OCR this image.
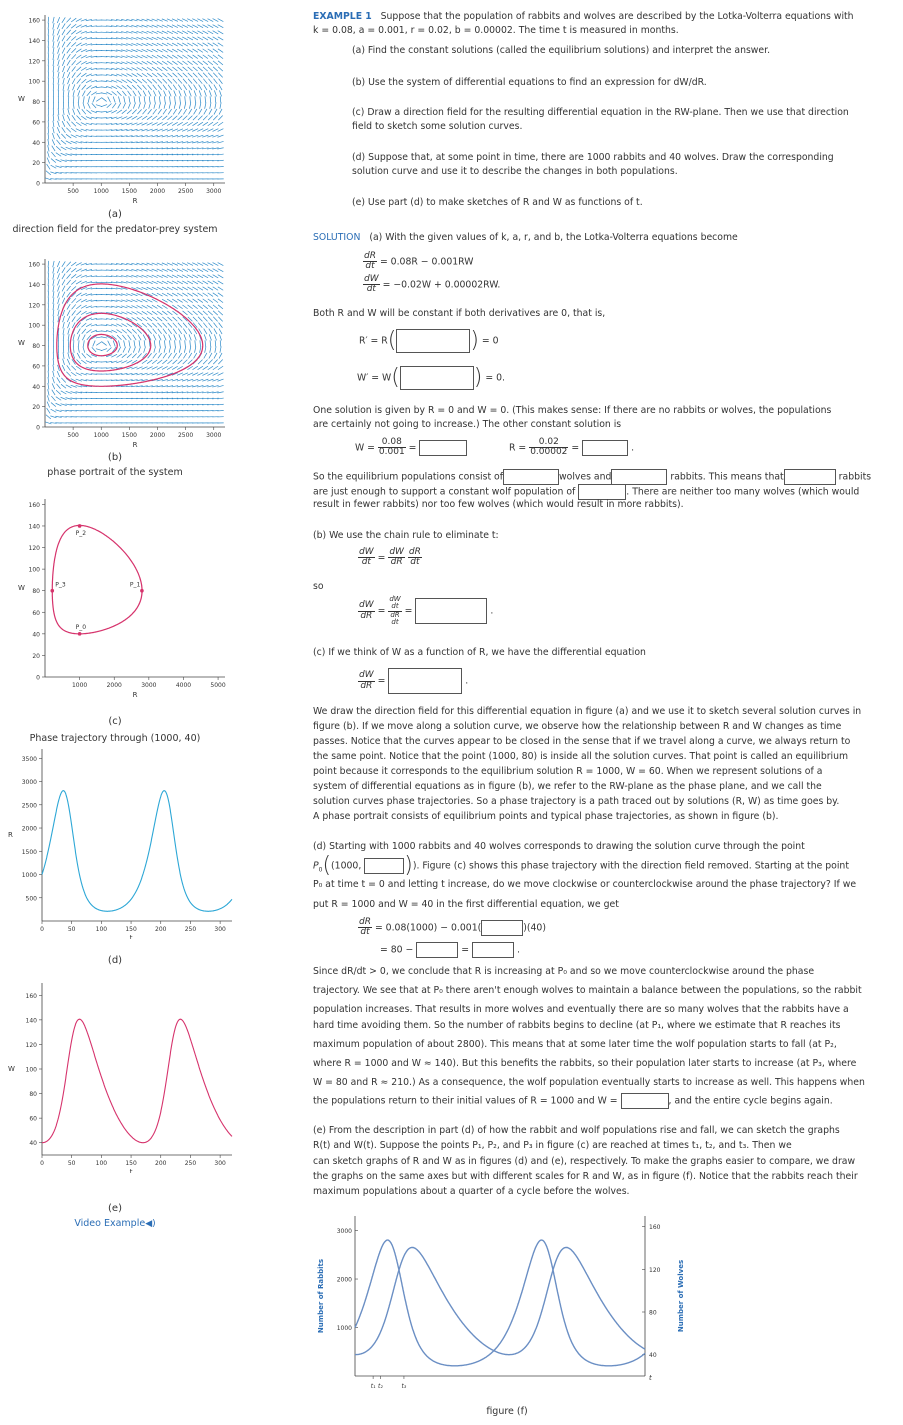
160
140
120
100
80
60
40
20
0
500 1000 1500 2000 2500 3000
W
R
(a)
direction field for the predator-prey system
160
140
120
100
80
60
40
20
0
500 1000 1500 2000 2500 3000
W
R
(b)
phase portrait of the system
160
140
120
100
80
60
40
20
0
1000	2000	3000	4000	5000
W
R
P_2
P_3	P_1
P_0
(c)
Phase trajectory through (1000, 40)
3500
3000
2500
2000
1500
1000
500
0	50	100	150	200	250	300
R
t
(d)
160
140
120
100
80
60
40
0	50	100	150	200	250	300
W
t
(e)
Video Example◀)
EXAMPLE 1 Suppose that the population of rabbits and wolves are described by the Lotka-Volterra equations with
k = 0.08, a = 0.001, r = 0.02, b = 0.00002. The time t is measured in months.
(a) Find the constant solutions (called the equilibrium solutions) and interpret the answer.
(b) Use the system of differential equations to find an expression for dW/dR.
(c) Draw a direction field for the resulting differential equation in the RW-plane. Then we use that direction
field to sketch some solution curves.
(d) Suppose that, at some point in time, there are 1000 rabbits and 40 wolves. Draw the corresponding
solution curve and use it to describe the changes in both populations.
(e) Use part (d) to make sketches of R and W as functions of t.
SOLUTION (a) With the given values of k, a, r, and b, the Lotka-Volterra equations become
$\frac{dR}{dt} = 0.08R - 0.001RW$
$\frac{dW}{dt} = -0.02W + 0.00002RW$.
Both R and W will be constant if both derivatives are 0, that is,
R′ = R(	) = 0
W′ = W(	) = 0.
One solution is given by R = 0 and W = 0. (This makes sense: If there are no rabbits or wolves, the populations
are certainly not going to increase.) The other constant solution is
$W = \frac{0.08}{0.001}$ =	$R = \frac{0.02}{0.00002}$ =	.
So the equilibrium populations consist of	wolves and	rabbits. This means that	rabbits
are just enough to support a constant wolf population of	. There are neither too many wolves (which would
result in fewer rabbits) nor too few wolves (which would result in more rabbits).
(b) We use the chain rule to eliminate t:
$\frac{dW}{dt} = \frac{dW}{dR}$
$\frac{dR}{dt}$
so
$\frac{dW}{dR}$ =
dW
dt
dR
dt
=	.
(c) If we think of W as a function of R, we have the differential equation
$\frac{dW}{dR}$ =	.
We draw the direction field for this differential equation in figure (a) and we use it to sketch several solution curves in
figure (b). If we move along a solution curve, we observe how the relationship between R and W changes as time
passes. Notice that the curves appear to be closed in the sense that if we travel along a curve, we always return to
the same point. Notice that the point (1000, 80) is inside all the solution curves. That point is called an equilibrium
point because it corresponds to the equilibrium solution R = 1000, W = 60. When we represent solutions of a
system of differential equations as in figure (b), we refer to the RW-plane as the phase plane, and we call the
solution curves phase trajectories. So a phase trajectory is a path traced out by solutions (R, W) as time goes by.
A phase portrait consists of equilibrium points and typical phase trajectories, as shown in figure (b).
(d) Starting with 1000 rabbits and 40 wolves corresponds to drawing the solution curve through the point
$P_0((1000$, )). Figure (c) shows this phase trajectory with the direction field removed. Starting at the point
P₀ at time t = 0 and letting t increase, do we move clockwise or counterclockwise around the phase trajectory? If we
put R = 1000 and W = 40 in the first differential equation, we get
$\frac{dR}{dt} = 0.08(1000) - 0.001$(	)(40)
= 80 −	=	.
Since dR/dt > 0, we conclude that R is increasing at P₀ and so we move counterclockwise around the phase
trajectory. We see that at P₀ there aren't enough wolves to maintain a balance between the populations, so the rabbit
population increases. That results in more wolves and eventually there are so many wolves that the rabbits have a
hard time avoiding them. So the number of rabbits begins to decline (at P₁, where we estimate that R reaches its
maximum population of about 2800). This means that at some later time the wolf population starts to fall (at P₂,
where R = 1000 and W ≈ 140). But this benefits the rabbits, so their population later starts to increase (at P₃, where
W = 80 and R ≈ 210.) As a consequence, the wolf population eventually starts to increase as well. This happens when
the populations return to their initial values of R = 1000 and W =	, and the entire cycle begins again.
(e) From the description in part (d) of how the rabbit and wolf populations rise and fall, we can sketch the graphs
R(t) and W(t). Suppose the points P₁, P₂, and P₃ in figure (c) are reached at times t₁, t₂, and t₃. Then we
can sketch graphs of R and W as in figures (d) and (e), respectively. To make the graphs easier to compare, we draw
the graphs on the same axes but with different scales for R and W, as in figure (f). Notice that the rabbits reach their
maximum populations about a quarter of a cycle before the wolves.
3000
2000
1000
160
120
80
40
Number of Rabbits	Number of Wolves
t
t₁ t₂	t₃
figure (f)
